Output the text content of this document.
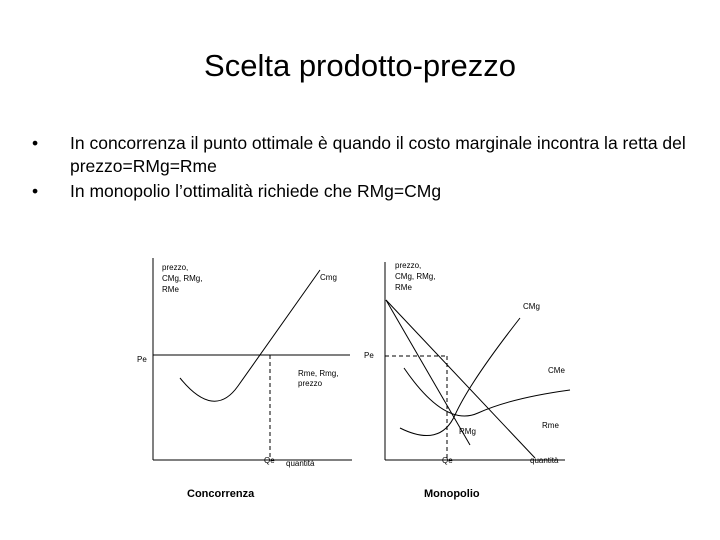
Scelta prodotto-prezzo
• In concorrenza il punto ottimale è quando il costo marginale incontra la retta del prezzo=RMg=Rme
• In monopolio l’ottimalità richiede che RMg=CMg
prezzo,
CMg, RMg,
RMe
Cmg
Pe
Rme, Rmg,
prezzo
Qe quantità
Concorrenza
prezzo,
CMg, RMg,
RMe
CMg
Pe
CMe
RMg
Rme
Qe	quantità
Monopolio
